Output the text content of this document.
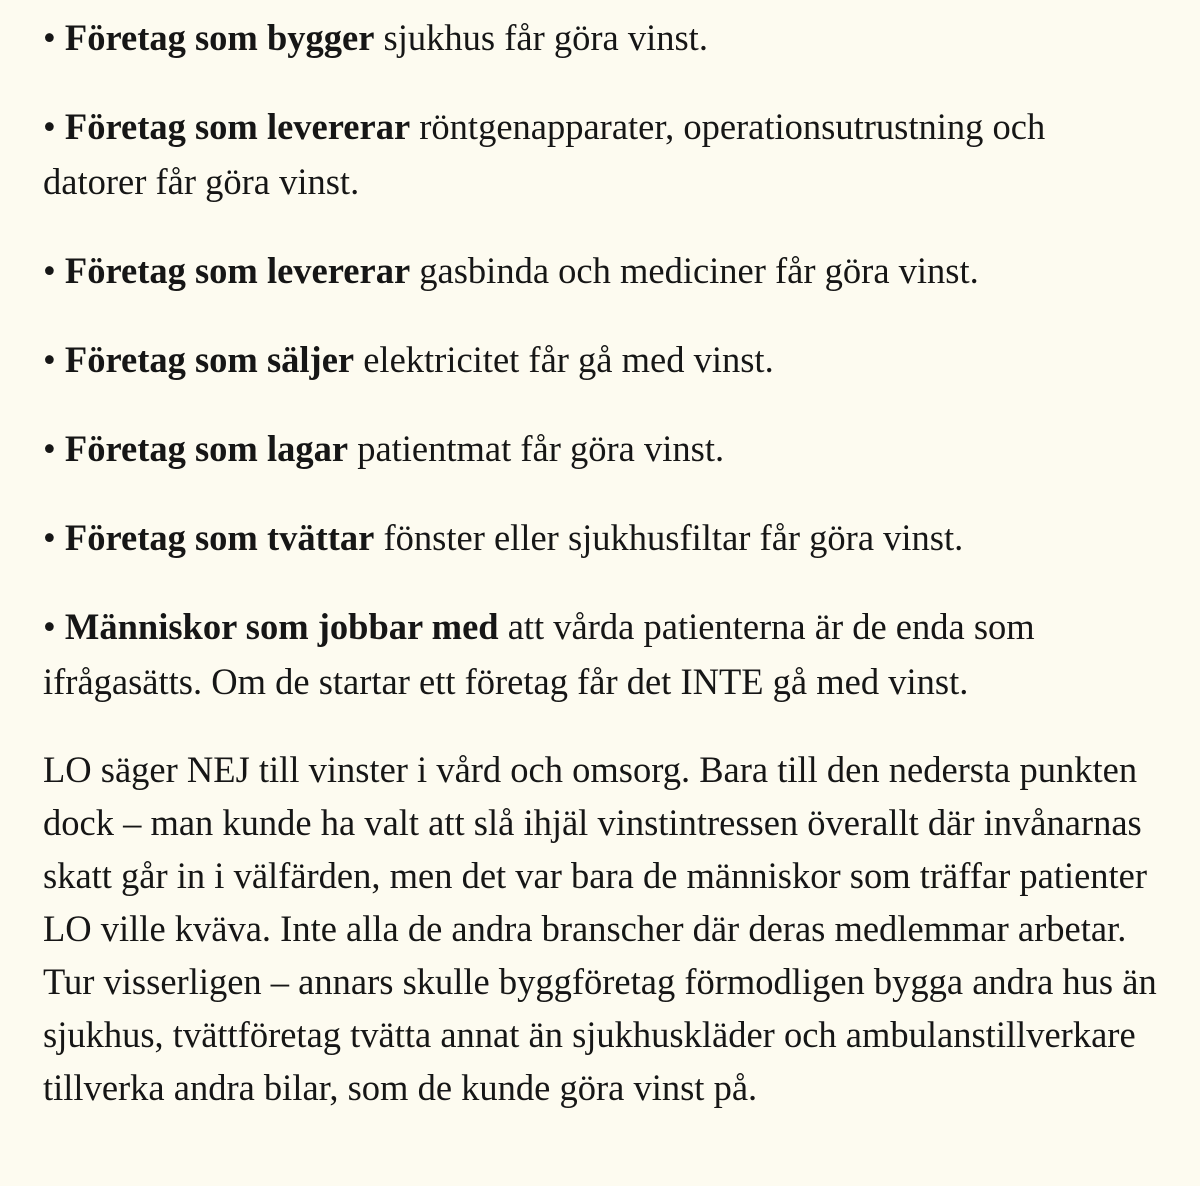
• Företag som bygger sjukhus får göra vinst.
• Företag som levererar röntgenapparater, operationsutrustning och datorer får göra vinst.
• Företag som levererar gasbinda och mediciner får göra vinst.
• Företag som säljer elektricitet får gå med vinst.
• Företag som lagar patientmat får göra vinst.
• Företag som tvättar fönster eller sjukhusfiltar får göra vinst.
• Människor som jobbar med att vårda patienterna är de enda som ifrågasätts. Om de startar ett företag får det INTE gå med vinst.

LO säger NEJ till vinster i vård och omsorg. Bara till den nedersta punkten dock – man kunde ha valt att slå ihjäl vinstintressen överallt där invånarnas skatt går in i välfärden, men det var bara de människor som träffar patienter LO ville kväva. Inte alla de andra branscher där deras medlemmar arbetar. Tur visserligen – annars skulle byggföretag förmodligen bygga andra hus än sjukhus, tvättföretag tvätta annat än sjukhuskläder och ambulanstillverkare tillverka andra bilar, som de kunde göra vinst på.
